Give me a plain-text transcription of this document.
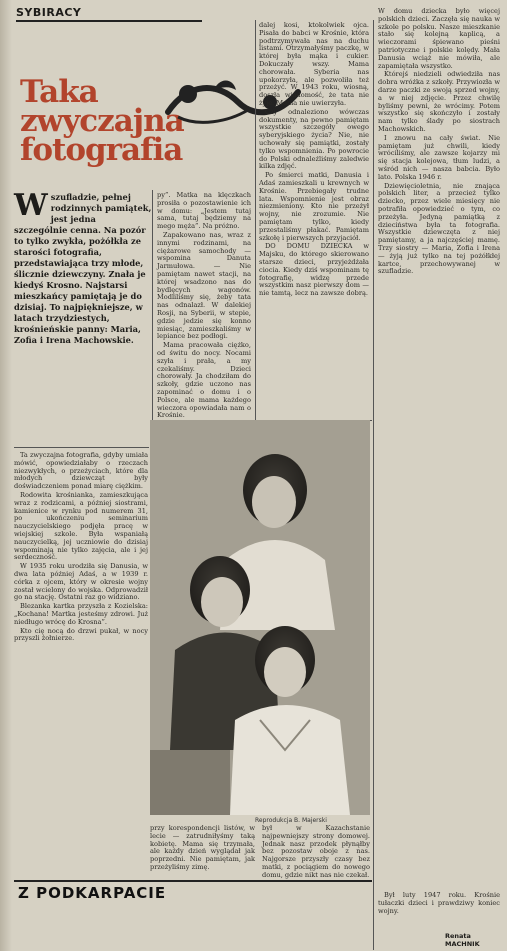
SYBIRACY
Taka
zwyczajna
fotografia
Wszufladzie, pełnej rodzinnych pamiątek, jest jedna szczególnie cenna. Na pozór to tylko zwykła, pożółkła ze starości fotografia, przedstawiająca trzy młode, ślicznie dziewczyny. Znała je kiedyś Krosno. Najstarsi mieszkańcy pamiętają je do dzisiaj. To najpiękniejsze, w latach trzydziestych, krośnieńskie panny: Maria, Zofia i Irena Machowskie.

Ta zwyczajna fotografia, gdyby umiała mówić, opowiedziałaby o rzeczach niezwykłych, o przeżyciach, które dla młodych dziewcząt były doświadczeniem ponad miarę ciężkim.

Rodowita krośnianka, zamieszkująca wraz z rodzicami, a później siostrami, kamienice w rynku pod numerem 31, po ukończeniu seminarium nauczycielskiego podjęła pracę w wiejskiej szkole. Była wspaniałą nauczycielką, jej uczniowie do dzisiaj wspominają nie tylko zajęcia, ale i jej serdeczność.

W 1935 roku urodziła się Danusia, w dwa lata później Adaś, a w 1939 r. córka z ojcem, który w okresie wojny został wcielony do wojska. Odprowadził go na stację. Ostatni raz go widziano.

Blezanka kartka przyszła z Kozielska: „Kochana! Martka jesteśmy zdrowi. Już niedługo wrócę do Krosna”.

Kto cię nocą do drzwi pukał, w nocy przyszli żołnierze.

py”. Matka na klęczkach prosiła o pozostawienie ich w domu: „Jestem tutaj sama, tutaj będziemy na mego męża”. Na próżno.

Zapakowano nas, wraz z innymi rodzinami, na ciężarowe samochody — wspomina Danuta Jarmułowa. — Nie pamiętam nawet stacji, na której wsadzono nas do bydlęcych wagonów. Modliliśmy się, żeby tata nas odnalazł. W dalekiej Rosji, na Syberii, w stepie, gdzie jedzie się konno miesiąc, zamieszkaliśmy w lepiance bez podłogi.

Mama pracowała ciężko, od świtu do nocy. Nocami szyła i prała, a my czekaliśmy. Dzieci chorowały. Ja chodziłam do szkoły, gdzie uczono nas zapominać o domu i o Polsce, ale mama każdego wieczora opowiadała nam o Krośnie.

dalej kosi, ktokolwiek ojca. Pisała do babci w Krośnie, która podtrzymywała nas na duchu listami. Otrzymałyśmy paczkę, w której była mąka i cukier. Dokuczały wszy. Mama chorowała. Syberia nas upokorzyła, ale pozwoliła też przeżyć. W 1943 roku, wiosną, doszła wiadomość, że tata nie żyje. Mama nie uwierzyła.

Czy odnaleziono wówczas dokumenty, na pewno pamiętam wszystkie szczegóły owego syberyjskiego życia? Nie, nie uchowały się pamiątki, zostały tylko wspomnienia. Po powrocie do Polski odnaleźliśmy zaledwie kilka zdjęć.

Po śmierci matki, Danusia i Adaś zamieszkali u krewnych w Krośnie. Przebiegały trudne lata. Wspomnienie jest obraz niezmieniony. Kto nie przeżył wojny, nie zrozumie. Nie pamiętam tylko, kiedy przestaliśmy płakać. Pamiętam szkołę i pierwszych przyjaciół.

DO DOMU DZIECKA w Majsku, do którego skierowano starsze dzieci, przyjeżdżała ciocia. Kiedy dziś wspominam tę fotografię, widzę przede wszystkim nasz pierwszy dom — nie tamtą, lecz na zawsze dobrą.

Reprodukcja B. Majerski

przy korespondencji listów, w lecie — zatrudniłyśmy taką kobietę. Mama się trzymała, ale każdy dzień wyglądał jak poprzedni. Nie pamiętam, jak przeżyliśmy zimę.

był w Kazachstanie najpewniejszy strony domowej. Jednak nasz przodek płynąłby bez pozostaw oboje z nas. Najgorsze przyszły czasy bez matki, z pociągiem do nowego domu, gdzie nikt nas nie czekał.

W domu dziecka było więcej polskich dzieci. Zaczęła się nauka w szkole po polsku. Nasze mieszkanie stało się kolejną kaplicą, a wieczorami śpiewano pieśni patriotyczne i polskie kolędy. Mała Danusia wciąż nie mówiła, ale zapamiętała wszystko.

Którejś niedzieli odwiedziła nas dobra wróżka z szkoły. Przywiozła w darze paczki ze swoją sprzed wojny, a w niej zdjęcie. Przez chwilę byliśmy pewni, że wrócimy. Potem wszystko się skończyło i zostały nam tylko ślady po siostrach Machowskich.

I znowu na cały świat. Nie pamiętam już chwili, kiedy wróciliśmy, ale zawsze kojarzy mi się stacja kolejowa, tłum ludzi, a wśród nich — nasza babcia. Było lato. Polska 1946 r.

Dziewięcioletnia, nie znająca polskich liter, a przecież tylko dziecko, przez wiele miesięcy nie potrafiła opowiedzieć o tym, co przeżyła. Jedyną pamiątką z dzieciństwa była ta fotografia. Wszystkie dziewczęta z niej pamiętamy, a ja najczęściej mamę. Trzy siostry — Maria, Zofia i Irena — żyją już tylko na tej pożółkłej kartce, przechowywanej w szufladzie.

Był luty 1947 roku. Krośnie tułaczki dzieci i prawdziwy koniec wojny.

Z PODKARPACIE
Renata MACHNIK
